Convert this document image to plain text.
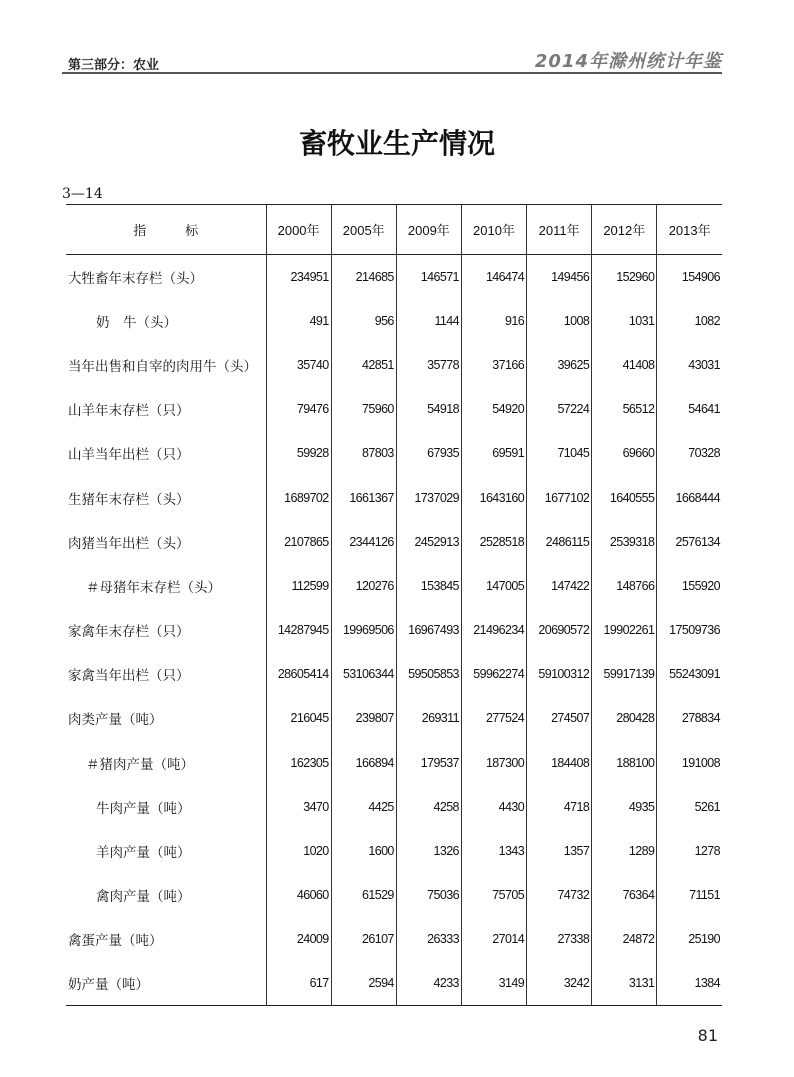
第三部分：农业	2014年滁州统计年鉴
畜牧业生产情况
3—14
指　　　标	2000年	2005年	2009年	2010年	2011年	2012年	2013年
大牲畜年末存栏（头）	234951	214685	146571	146474	149456	152960	154906
奶　牛（头）	491	956	1144	916	1008	1031	1082
当年出售和自宰的肉用牛（头）	35740	42851	35778	37166	39625	41408	43031
山羊年末存栏（只）	79476	75960	54918	54920	57224	56512	54641
山羊当年出栏（只）	59928	87803	67935	69591	71045	69660	70328
生猪年末存栏（头）	1689702	1661367	1737029	1643160	1677102	1640555	1668444
肉猪当年出栏（头）	2107865	2344126	2452913	2528518	2486115	2539318	2576134
＃母猪年末存栏（头）	112599	120276	153845	147005	147422	148766	155920
家禽年末存栏（只）	14287945	19969506	16967493	21496234	20690572	19902261	17509736
家禽当年出栏（只）	28605414	53106344	59505853	59962274	59100312	59917139	55243091
肉类产量（吨）	216045	239807	269311	277524	274507	280428	278834
＃猪肉产量（吨）	162305	166894	179537	187300	184408	188100	191008
牛肉产量（吨）	3470	4425	4258	4430	4718	4935	5261
羊肉产量（吨）	1020	1600	1326	1343	1357	1289	1278
禽肉产量（吨）	46060	61529	75036	75705	74732	76364	71151
禽蛋产量（吨）	24009	26107	26333	27014	27338	24872	25190
奶产量（吨）	617	2594	4233	3149	3242	3131	1384
81
